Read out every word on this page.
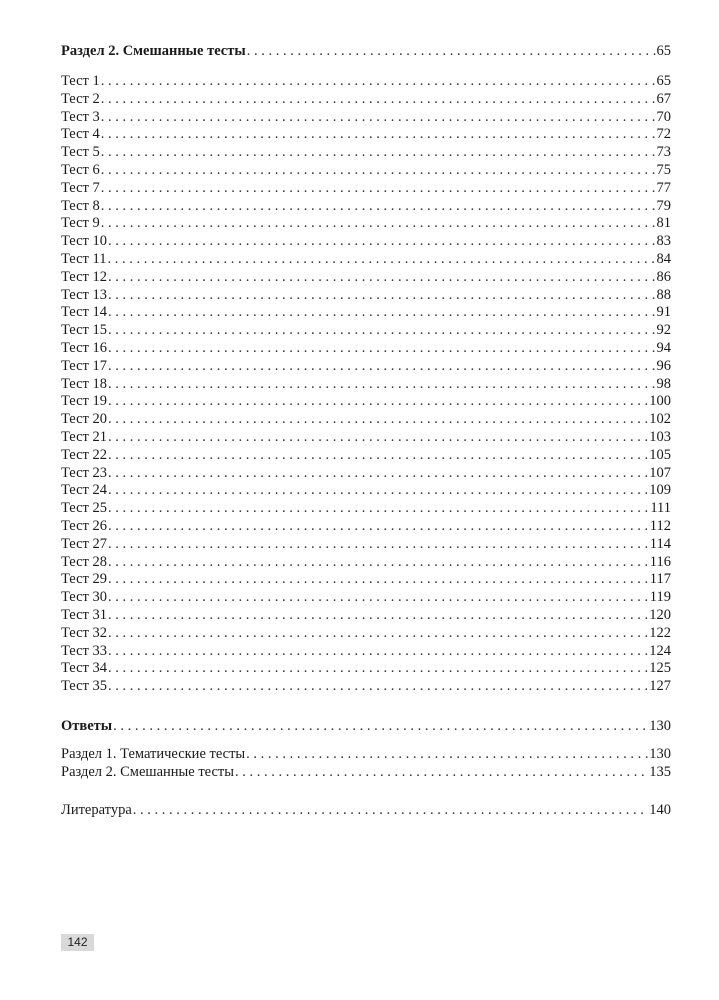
Раздел 2. Смешанные тесты . . .	65
Тест 1 . . .	65
Тест 2 . . .	67
Тест 3 . . .	70
Тест 4 . . .	72
Тест 5 . . .	73
Тест 6 . . .	75
Тест 7 . . .	77
Тест 8 . . .	79
Тест 9 . . .	81
Тест 10 . . .	83
Тест 11 . . .	84
Тест 12 . . .	86
Тест 13 . . .	88
Тест 14 . . .	91
Тест 15 . . .	92
Тест 16 . . .	94
Тест 17 . . .	96
Тест 18 . . .	98
Тест 19 . . .	100
Тест 20 . . .	102
Тест 21 . . .	103
Тест 22 . . .	105
Тест 23 . . .	107
Тест 24 . . .	109
Тест 25 . . .	111
Тест 26 . . .	112
Тест 27 . . .	114
Тест 28 . . .	116
Тест 29 . . .	117
Тест 30 . . .	119
Тест 31 . . .	120
Тест 32 . . .	122
Тест 33 . . .	124
Тест 34 . . .	125
Тест 35 . . .	127
Ответы . . .	130
Раздел 1. Тематические тесты . . .	130
Раздел 2. Смешанные тесты . . .	135
Литература . . .	140
142
